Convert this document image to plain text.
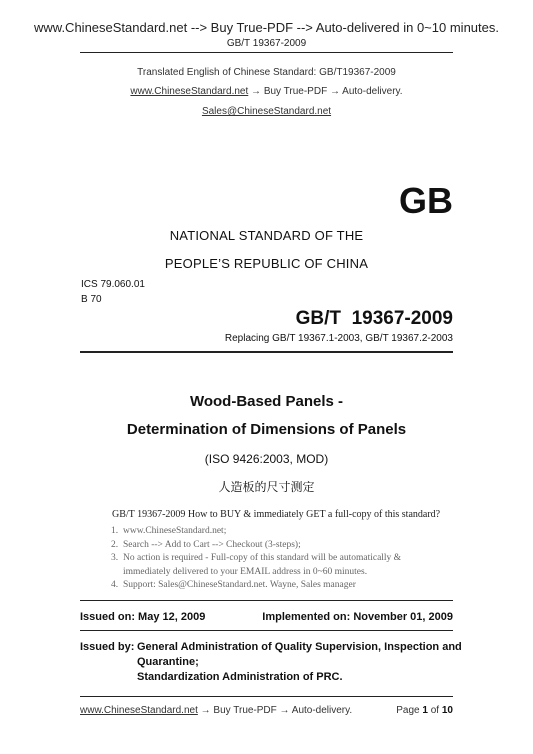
www.ChineseStandard.net --> Buy True-PDF --> Auto-delivered in 0~10 minutes.
GB/T 19367-2009
Translated English of Chinese Standard: GB/T19367-2009
www.ChineseStandard.net → Buy True-PDF → Auto-delivery.
Sales@ChineseStandard.net
GB
NATIONAL STANDARD OF THE
PEOPLE’S REPUBLIC OF CHINA
ICS 79.060.01
B 70
GB/T  19367-2009
Replacing GB/T 19367.1-2003, GB/T 19367.2-2003
Wood-Based Panels -
Determination of Dimensions of Panels
(ISO 9426:2003, MOD)
人造板的尺寸测定
GB/T 19367-2009 How to BUY & immediately GET a full-copy of this standard?
1. www.ChineseStandard.net;
2. Search --> Add to Cart --> Checkout (3-steps);
3. No action is required - Full-copy of this standard will be automatically &
immediately delivered to your EMAIL address in 0~60 minutes.
4. Support: Sales@ChineseStandard.net. Wayne, Sales manager
Issued on: May 12, 2009	Implemented on: November 01, 2009
Issued by: General Administration of Quality Supervision, Inspection and
Quarantine;
Standardization Administration of PRC.
www.ChineseStandard.net → Buy True-PDF → Auto-delivery.	Page 1 of 10
